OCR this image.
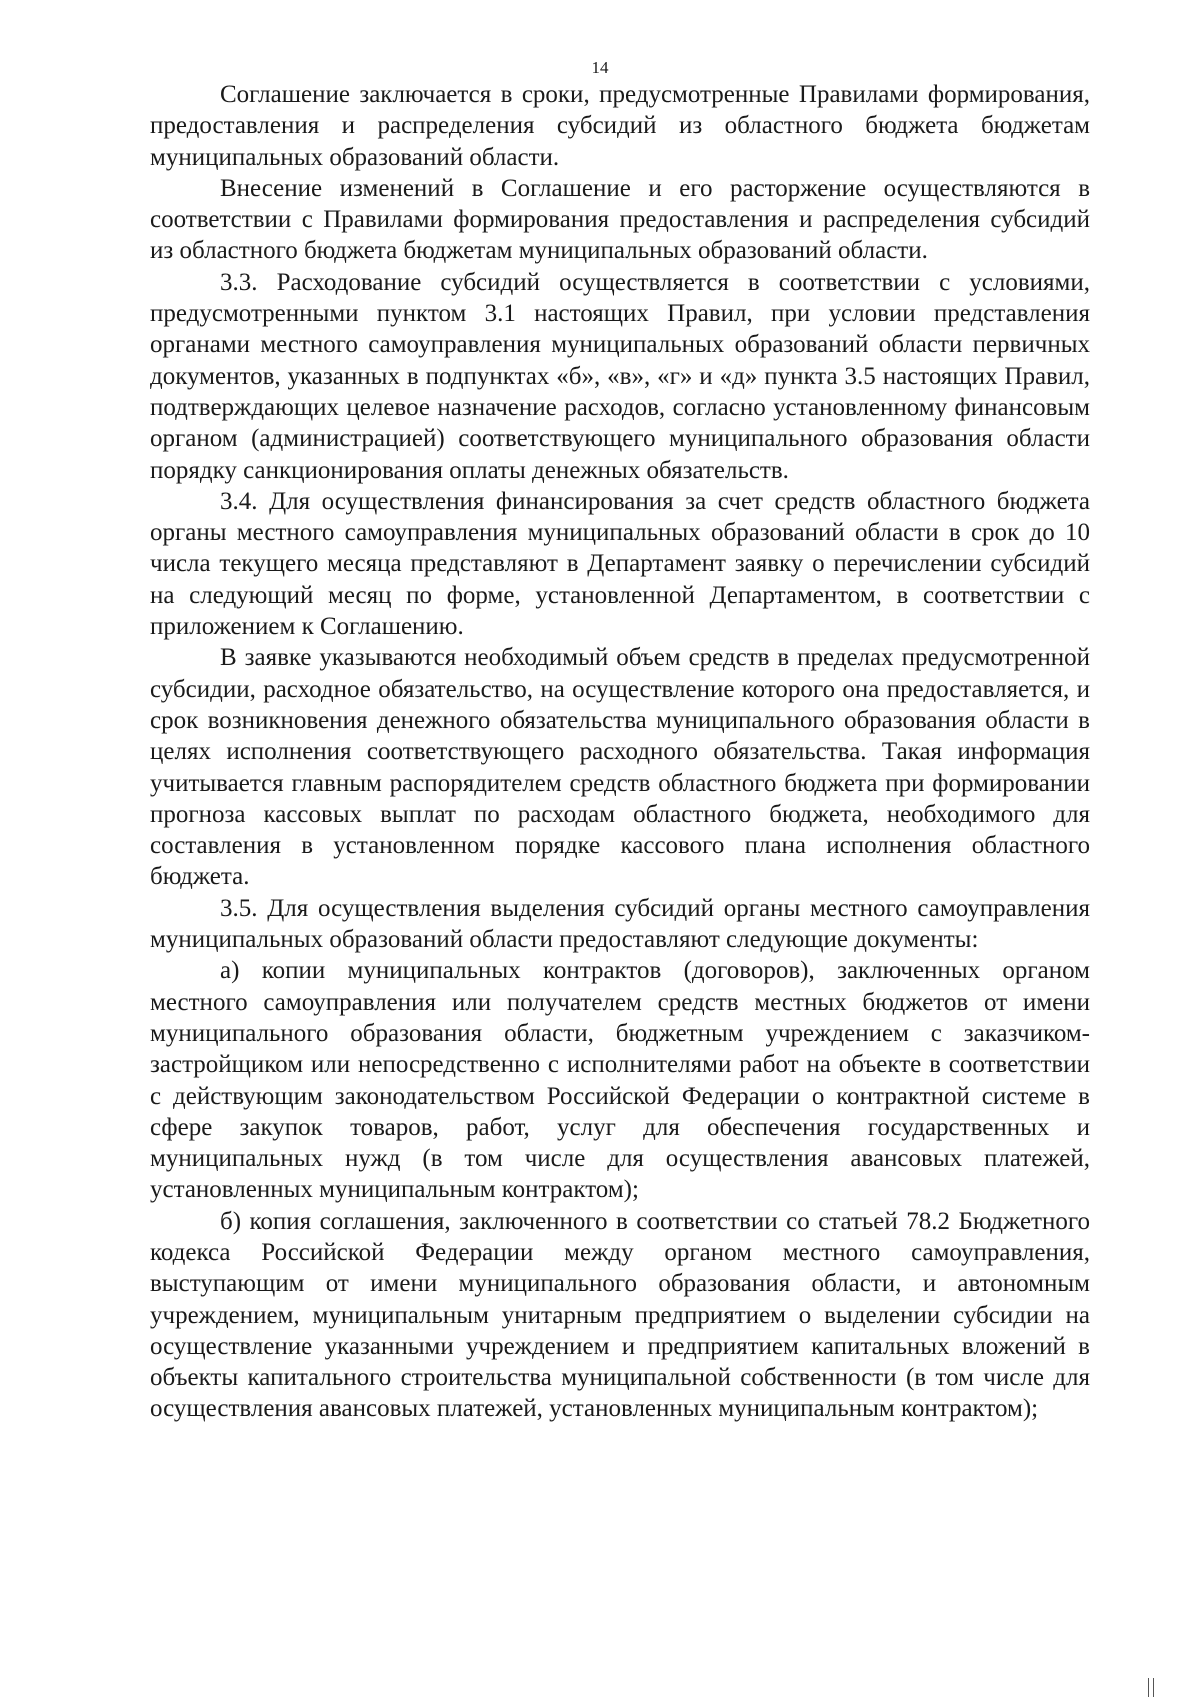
14

Соглашение заключается в сроки, предусмотренные Правилами формирования, предоставления и распределения субсидий из областного бюджета бюджетам муниципальных образований области.

Внесение изменений в Соглашение и его расторжение осуществляются в соответствии с Правилами формирования предоставления и распределения субсидий из областного бюджета бюджетам муниципальных образований области.

3.3. Расходование субсидий осуществляется в соответствии с условиями, предусмотренными пунктом 3.1 настоящих Правил, при условии представления органами местного самоуправления муниципальных образований области первичных документов, указанных в подпунктах «б», «в», «г» и «д» пункта 3.5 настоящих Правил, подтверждающих целевое назначение расходов, согласно установленному финансовым органом (администрацией) соответствующего муниципального образования области порядку санкционирования оплаты денежных обязательств.

3.4. Для осуществления финансирования за счет средств областного бюджета органы местного самоуправления муниципальных образований области в срок до 10 числа текущего месяца представляют в Департамент заявку о перечислении субсидий на следующий месяц по форме, установленной Департаментом, в соответствии с приложением к Соглашению.

В заявке указываются необходимый объем средств в пределах предусмотренной субсидии, расходное обязательство, на осуществление которого она предоставляется, и срок возникновения денежного обязательства муниципального образования области в целях исполнения соответствующего расходного обязательства. Такая информация учитывается главным распорядителем средств областного бюджета при формировании прогноза кассовых выплат по расходам областного бюджета, необходимого для составления в установленном порядке кассового плана исполнения областного бюджета.

3.5. Для осуществления выделения субсидий органы местного самоуправления муниципальных образований области предоставляют следующие документы:

а) копии муниципальных контрактов (договоров), заключенных органом местного самоуправления или получателем средств местных бюджетов от имени муниципального образования области, бюджетным учреждением с заказчиком-застройщиком или непосредственно с исполнителями работ на объекте в соответствии с действующим законодательством Российской Федерации о контрактной системе в сфере закупок товаров, работ, услуг для обеспечения государственных и муниципальных нужд (в том числе для осуществления авансовых платежей, установленных муниципальным контрактом);

б) копия соглашения, заключенного в соответствии со статьей 78.2 Бюджетного кодекса Российской Федерации между органом местного самоуправления, выступающим от имени муниципального образования области, и автономным учреждением, муниципальным унитарным предприятием о выделении субсидии на осуществление указанными учреждением и предприятием капитальных вложений в объекты капитального строительства муниципальной собственности (в том числе для осуществления авансовых платежей, установленных муниципальным контрактом);
